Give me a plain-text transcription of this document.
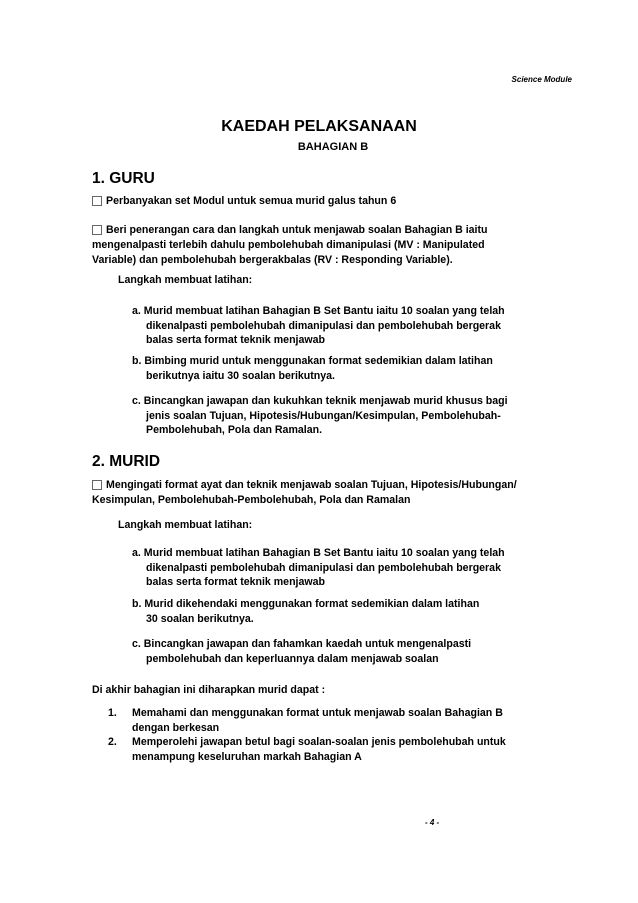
Science Module
KAEDAH PELAKSANAAN
BAHAGIAN B
1. GURU
Perbanyakan set Modul untuk semua murid galus tahun 6
Beri penerangan cara dan langkah untuk menjawab soalan Bahagian B iaitu
mengenalpasti terlebih dahulu pembolehubah dimanipulasi (MV : Manipulated
Variable) dan pembolehubah bergerakbalas (RV : Responding Variable).
Langkah membuat latihan:
a. Murid membuat latihan Bahagian B Set Bantu iaitu 10 soalan yang telah
dikenalpasti pembolehubah dimanipulasi dan pembolehubah bergerak
balas serta format teknik menjawab
b. Bimbing murid untuk menggunakan format sedemikian dalam latihan
berikutnya iaitu 30 soalan berikutnya.
c. Bincangkan jawapan dan kukuhkan teknik menjawab murid khusus bagi
jenis soalan Tujuan, Hipotesis/Hubungan/Kesimpulan, Pembolehubah-
Pembolehubah, Pola dan Ramalan.
2. MURID
Mengingati format ayat dan teknik menjawab soalan Tujuan, Hipotesis/Hubungan/
Kesimpulan, Pembolehubah-Pembolehubah, Pola dan Ramalan
Langkah membuat latihan:
a. Murid membuat latihan Bahagian B Set Bantu iaitu 10 soalan yang telah
dikenalpasti pembolehubah dimanipulasi dan pembolehubah bergerak
balas serta format teknik menjawab
b. Murid dikehendaki menggunakan format sedemikian dalam latihan
30 soalan berikutnya.
c. Bincangkan jawapan dan fahamkan kaedah untuk mengenalpasti
pembolehubah dan keperluannya dalam menjawab soalan
Di akhir bahagian ini diharapkan murid dapat :
1.	Memahami dan menggunakan format untuk menjawab soalan Bahagian B
dengan berkesan
2.	Memperolehi jawapan betul bagi soalan-soalan jenis pembolehubah untuk
menampung keseluruhan markah Bahagian A
- 4 -
